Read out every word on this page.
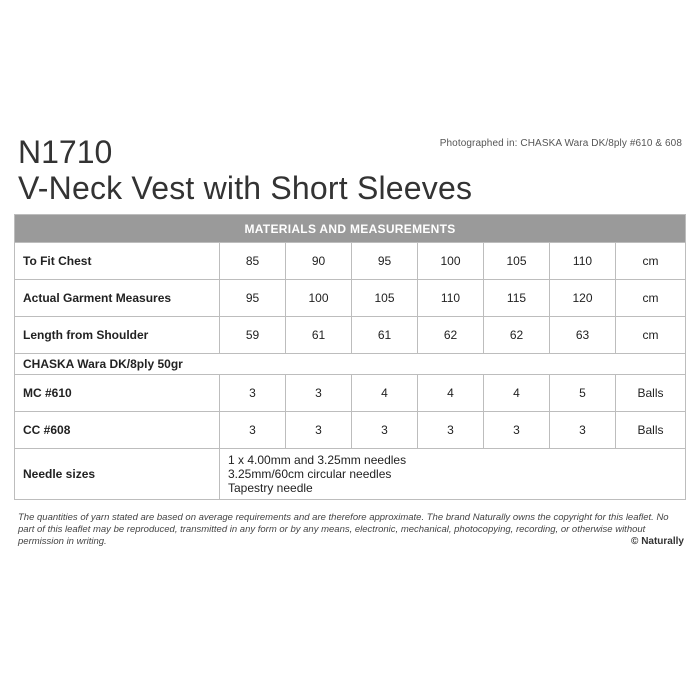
Photographed in: CHASKA Wara DK/8ply #610 & 608
N1710
V-Neck Vest with Short Sleeves
MATERIALS AND MEASUREMENTS							
To Fit Chest	85	90	95	100	105	110	cm
Actual Garment Measures	95	100	105	110	115	120	cm
Length from Shoulder	59	61	61	62	62	63	cm
CHASKA Wara DK/8ply 50gr							
MC #610	3	3	4	4	4	5	Balls
CC #608	3	3	3	3	3	3	Balls
Needle sizes	1 x 4.00mm and 3.25mm needles
3.25mm/60cm circular needles
Tapestry needle						
The quantities of yarn stated are based on average requirements and are therefore approximate. The brand Naturally owns the copyright for this leaflet. No part of this leaflet may be reproduced, transmitted in any form or by any means, electronic, mechanical, photocopying, recording, or otherwise without permission in writing.	© Naturally
